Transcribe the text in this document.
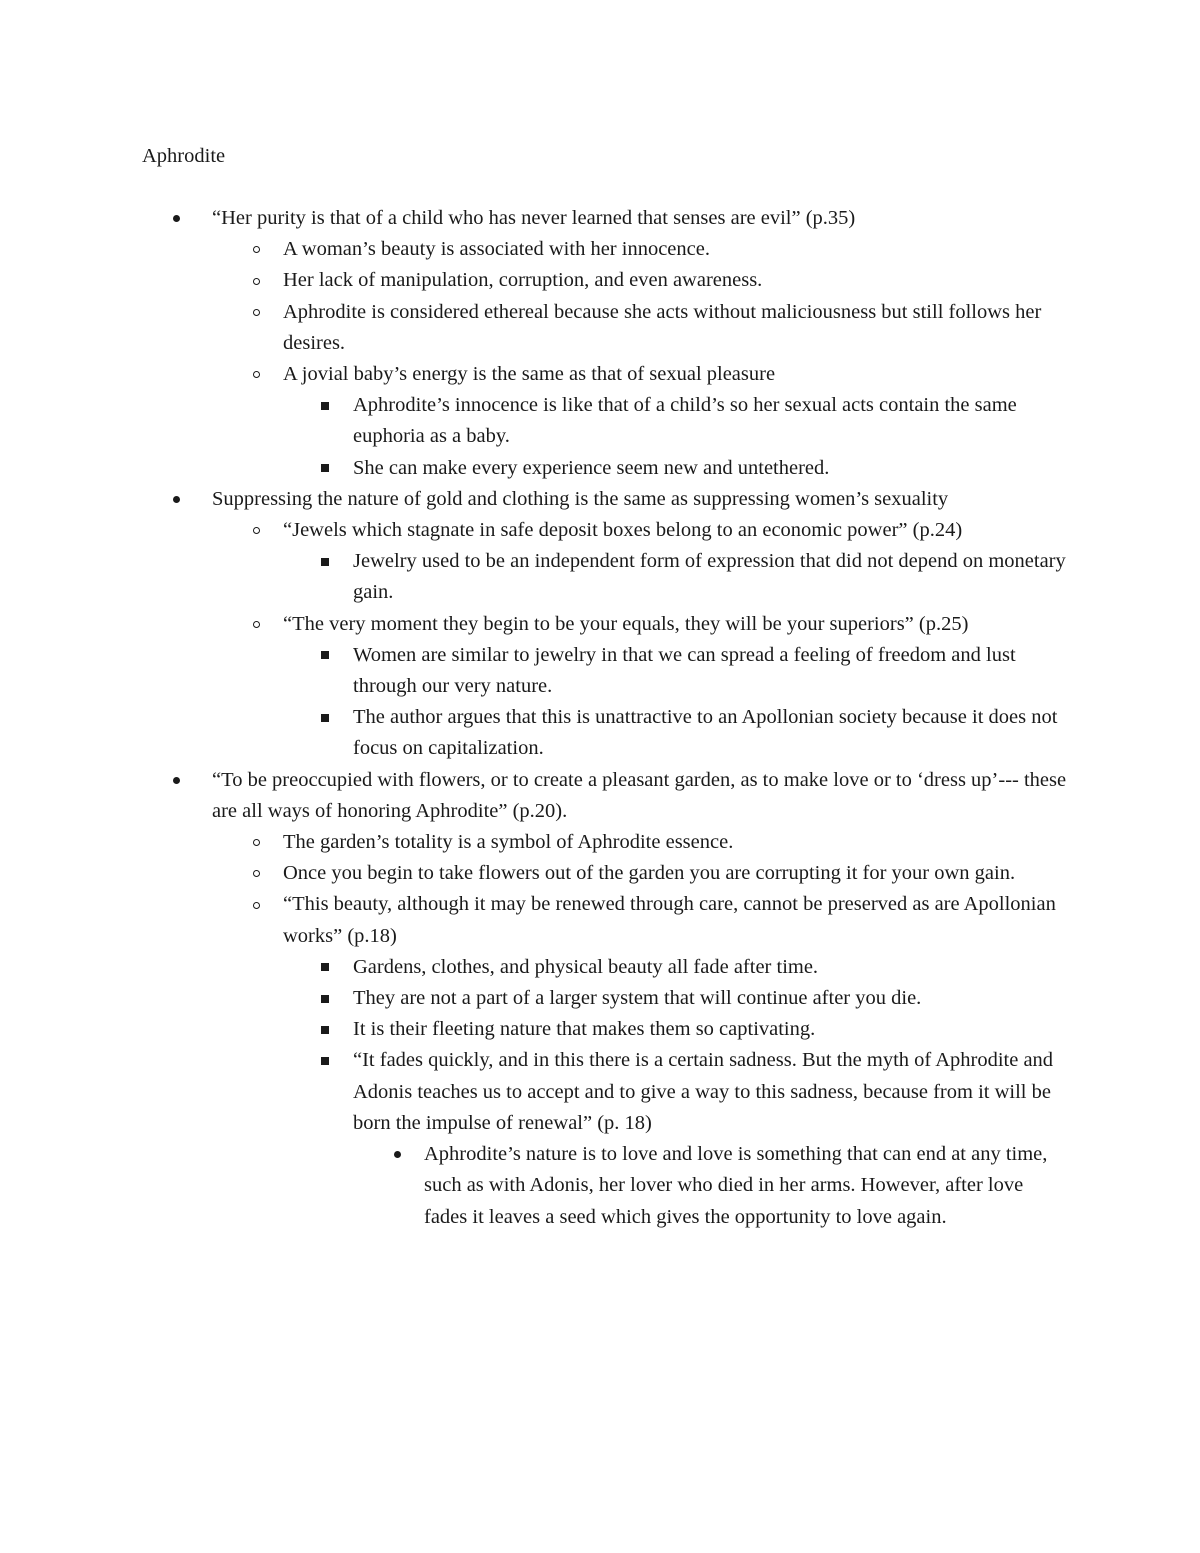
Aphrodite
“Her purity is that of a child who has never learned that senses are evil” (p.35)
A woman’s beauty is associated with her innocence.
Her lack of manipulation, corruption, and even awareness.
Aphrodite is considered ethereal because she acts without maliciousness but still follows her desires.
A jovial baby’s energy is the same as that of sexual pleasure
Aphrodite’s innocence is like that of a child’s so her sexual acts contain the same euphoria as a baby.
She can make every experience seem new and untethered.
Suppressing the nature of gold and clothing is the same as suppressing women’s sexuality
“Jewels which stagnate in safe deposit boxes belong to an economic power” (p.24)
Jewelry used to be an independent form of expression that did not depend on monetary gain.
“The very moment they begin to be your equals, they will be your superiors” (p.25)
Women are similar to jewelry in that we can spread a feeling of freedom and lust through our very nature.
The author argues that this is unattractive to an Apollonian society because it does not focus on capitalization.
“To be preoccupied with flowers, or to create a pleasant garden, as to make love or to ‘dress up’--- these are all ways of honoring Aphrodite” (p.20).
The garden’s totality is a symbol of Aphrodite essence.
Once you begin to take flowers out of the garden you are corrupting it for your own gain.
“This beauty, although it may be renewed through care, cannot be preserved as are Apollonian works” (p.18)
Gardens, clothes, and physical beauty all fade after time.
They are not a part of a larger system that will continue after you die.
It is their fleeting nature that makes them so captivating.
“It fades quickly, and in this there is a certain sadness. But the myth of Aphrodite and Adonis teaches us to accept and to give a way to this sadness, because from it will be born the impulse of renewal” (p. 18)
Aphrodite’s nature is to love and love is something that can end at any time, such as with Adonis, her lover who died in her arms. However, after love fades it leaves a seed which gives the opportunity to love again.
